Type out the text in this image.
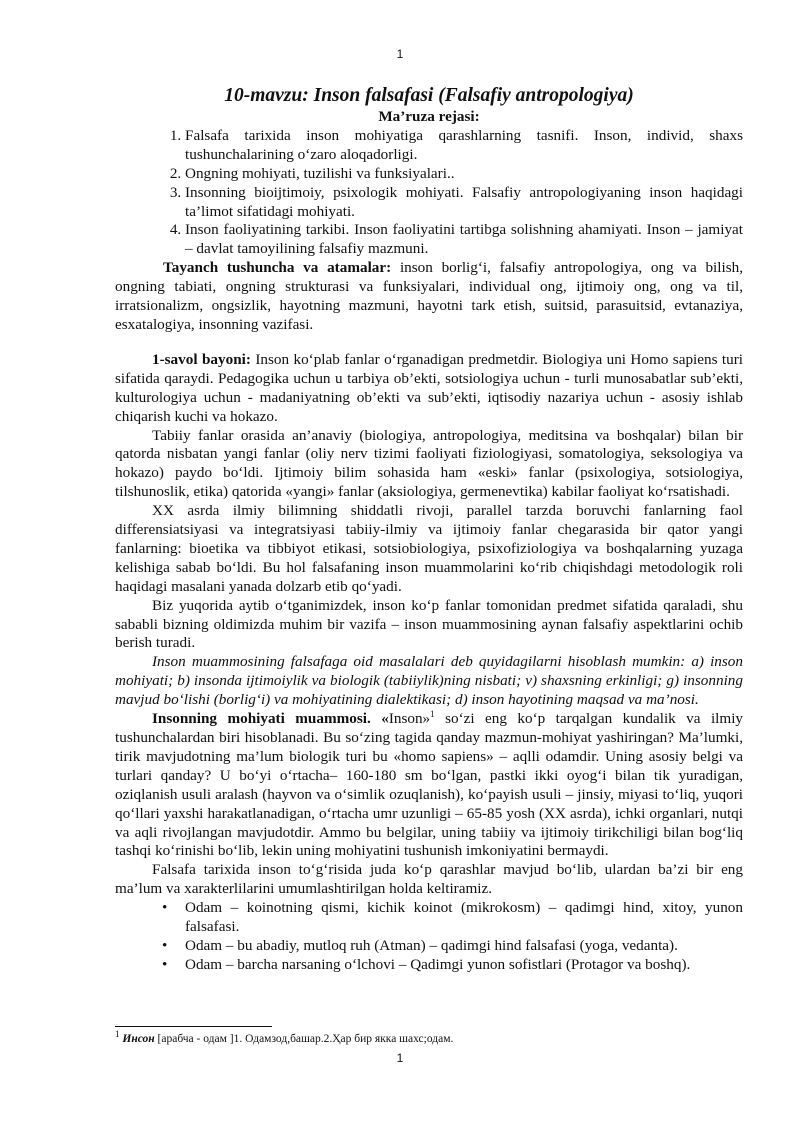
1
10-mavzu: Inson falsafasi (Falsafiy antropologiya)

Ma’ruza rejasi:

1. Falsafa tarixida inson mohiyatiga qarashlarning tasnifi. Inson, individ, shaxs tushunchalarining o‘zaro aloqadorligi.
2. Ongning mohiyati, tuzilishi va funksiyalari..
3. Insonning bioijtimoiy, psixologik mohiyati. Falsafiy antropologiyaning inson haqidagi ta’limot sifatidagi mohiyati.
4. Inson faoliyatining tarkibi. Inson faoliyatini tartibga solishning ahamiyati. Inson – jamiyat – davlat tamoyilining falsafiy mazmuni.

Tayanch tushuncha va atamalar: inson borlig‘i, falsafiy antropologiya, ong va bilish, ongning tabiati, ongning strukturasi va funksiyalari, individual ong, ijtimoiy ong, ong va til, irratsionalizm, ongsizlik, hayotning mazmuni, hayotni tark etish, suitsid, parasuitsid, evtanaziya, esxatalogiya, insonning vazifasi.

1-savol bayoni: Inson ko‘plab fanlar o‘rganadigan predmetdir. Biologiya uni Homo sapiens turi sifatida qaraydi. Pedagogika uchun u tarbiya ob’ekti, sotsiologiya uchun - turli munosabatlar sub’ekti, kulturologiya uchun - madaniyatning ob’ekti va sub’ekti, iqtisodiy nazariya uchun - asosiy ishlab chiqarish kuchi va hokazo.

Tabiiy fanlar orasida an’anaviy (biologiya, antropologiya, meditsina va boshqalar) bilan bir qatorda nisbatan yangi fanlar (oliy nerv tizimi faoliyati fiziologiyasi, somatologiya, seksologiya va hokazo) paydo bo‘ldi. Ijtimoiy bilim sohasida ham «eski» fanlar (psixologiya, sotsiologiya, tilshunoslik, etika) qatorida «yangi» fanlar (aksiologiya, germenevtika) kabilar faoliyat ko‘rsatishadi.

XX asrda ilmiy bilimning shiddatli rivoji, parallel tarzda boruvchi fanlarning faol differensiatsiyasi va integratsiyasi tabiiy-ilmiy va ijtimoiy fanlar chegarasida bir qator yangi fanlarning: bioetika va tibbiyot etikasi, sotsiobiologiya, psixofiziologiya va boshqalarning yuzaga kelishiga sabab bo‘ldi. Bu hol falsafaning inson muammolarini ko‘rib chiqishdagi metodologik roli haqidagi masalani yanada dolzarb etib qo‘yadi.

Biz yuqorida aytib o‘tganimizdek, inson ko‘p fanlar tomonidan predmet sifatida qaraladi, shu sababli bizning oldimizda muhim bir vazifa – inson muammosining aynan falsafiy aspektlarini ochib berish turadi.

Inson muammosining falsafaga oid masalalari deb quyidagilarni hisoblash mumkin: a) inson mohiyati; b) insonda ijtimoiylik va biologik (tabiiylik)ning nisbati; v) shaxsning erkinligi; g) insonning mavjud bo‘lishi (borlig‘i) va mohiyatining dialektikasi; d) inson hayotining maqsad va ma’nosi.

Insonning mohiyati muammosi. «Inson»$^1$ so‘zi eng ko‘p tarqalgan kundalik va ilmiy tushunchalardan biri hisoblanadi. Bu so‘zing tagida qanday mazmun-mohiyat yashiringan? Ma’lumki, tirik mavjudotning ma’lum biologik turi bu «homo sapiens» – aqlli odamdir. Uning asosiy belgi va turlari qanday? U bo‘yi o‘rtacha– 160-180 sm bo‘lgan, pastki ikki oyog‘i bilan tik yuradigan, oziqlanish usuli aralash (hayvon va o‘simlik ozuqlanish), ko‘payish usuli – jinsiy, miyasi to‘liq, yuqori qo‘llari yaxshi harakatlanadigan, o‘rtacha umr uzunligi – 65-85 yosh (XX asrda), ichki organlari, nutqi va aqli rivojlangan mavjudotdir. Ammo bu belgilar, uning tabiiy va ijtimoiy tirikchiligi bilan bog‘liq tashqi ko‘rinishi bo‘lib, lekin uning mohiyatini tushunish imkoniyatini bermaydi.

Falsafa tarixida inson to‘g‘risida juda ko‘p qarashlar mavjud bo‘lib, ulardan ba’zi bir eng ma’lum va xarakterlilarini umumlashtirilgan holda keltiramiz.

• Odam – koinotning qismi, kichik koinot (mikrokosm) – qadimgi hind, xitoy, yunon falsafasi.
• Odam – bu abadiy, mutloq ruh (Atman) – qadimgi hind falsafasi (yoga, vedanta).
• Odam – barcha narsaning o‘lchovi – Qadimgi yunon sofistlari (Protagor va boshq).
$^1$ Инсон [арабча - одам ]1. Одамзод,башар.2.Ҳар бир якка шахс;одам.
1
